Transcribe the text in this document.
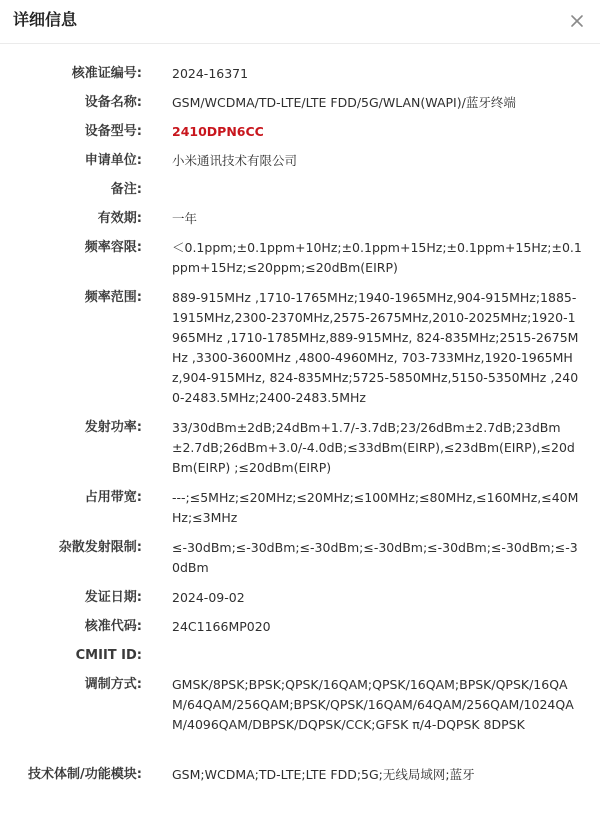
详细信息
核准证编号: 2024-16371
设备名称: GSM/WCDMA/TD-LTE/LTE FDD/5G/WLAN(WAPI)/蓝牙终端
设备型号: 2410DPN6CC
申请单位: 小米通讯技术有限公司
备注:
有效期: 一年
频率容限: ＜0.1ppm;±0.1ppm+10Hz;±0.1ppm+15Hz;±0.1ppm+15Hz;±0.1ppm+15Hz;≤20ppm;≤20dBm(EIRP)
频率范围: 889-915MHz ,1710-1765MHz;1940-1965MHz,904-915MHz;1885-1915MHz,2300-2370MHz,2575-2675MHz,2010-2025MHz;1920-1965MHz ,1710-1785MHz,889-915MHz, 824-835MHz;2515-2675MHz ,3300-3600MHz ,4800-4960MHz, 703-733MHz,1920-1965MHz,904-915MHz, 824-835MHz;5725-5850MHz,5150-5350MHz ,2400-2483.5MHz;2400-2483.5MHz
发射功率: 33/30dBm±2dB;24dBm+1.7/-3.7dB;23/26dBm±2.7dB;23dBm±2.7dB;26dBm+3.0/-4.0dB;≤33dBm(EIRP),≤23dBm(EIRP),≤20dBm(EIRP) ;≤20dBm(EIRP)
占用带宽: ---;≤5MHz;≤20MHz;≤20MHz;≤100MHz;≤80MHz,≤160MHz,≤40MHz;≤3MHz
杂散发射限制: ≤-30dBm;≤-30dBm;≤-30dBm;≤-30dBm;≤-30dBm;≤-30dBm;≤-30dBm
发证日期: 2024-09-02
核准代码: 24C1166MP020
CMIIT ID:
调制方式: GMSK/8PSK;BPSK;QPSK/16QAM;QPSK/16QAM;BPSK/QPSK/16QAM/64QAM/256QAM;BPSK/QPSK/16QAM/64QAM/256QAM/1024QAM/4096QAM/DBPSK/DQPSK/CCK;GFSK π/4-DQPSK 8DPSK
技术体制/功能模块: GSM;WCDMA;TD-LTE;LTE FDD;5G;无线局域网;蓝牙
